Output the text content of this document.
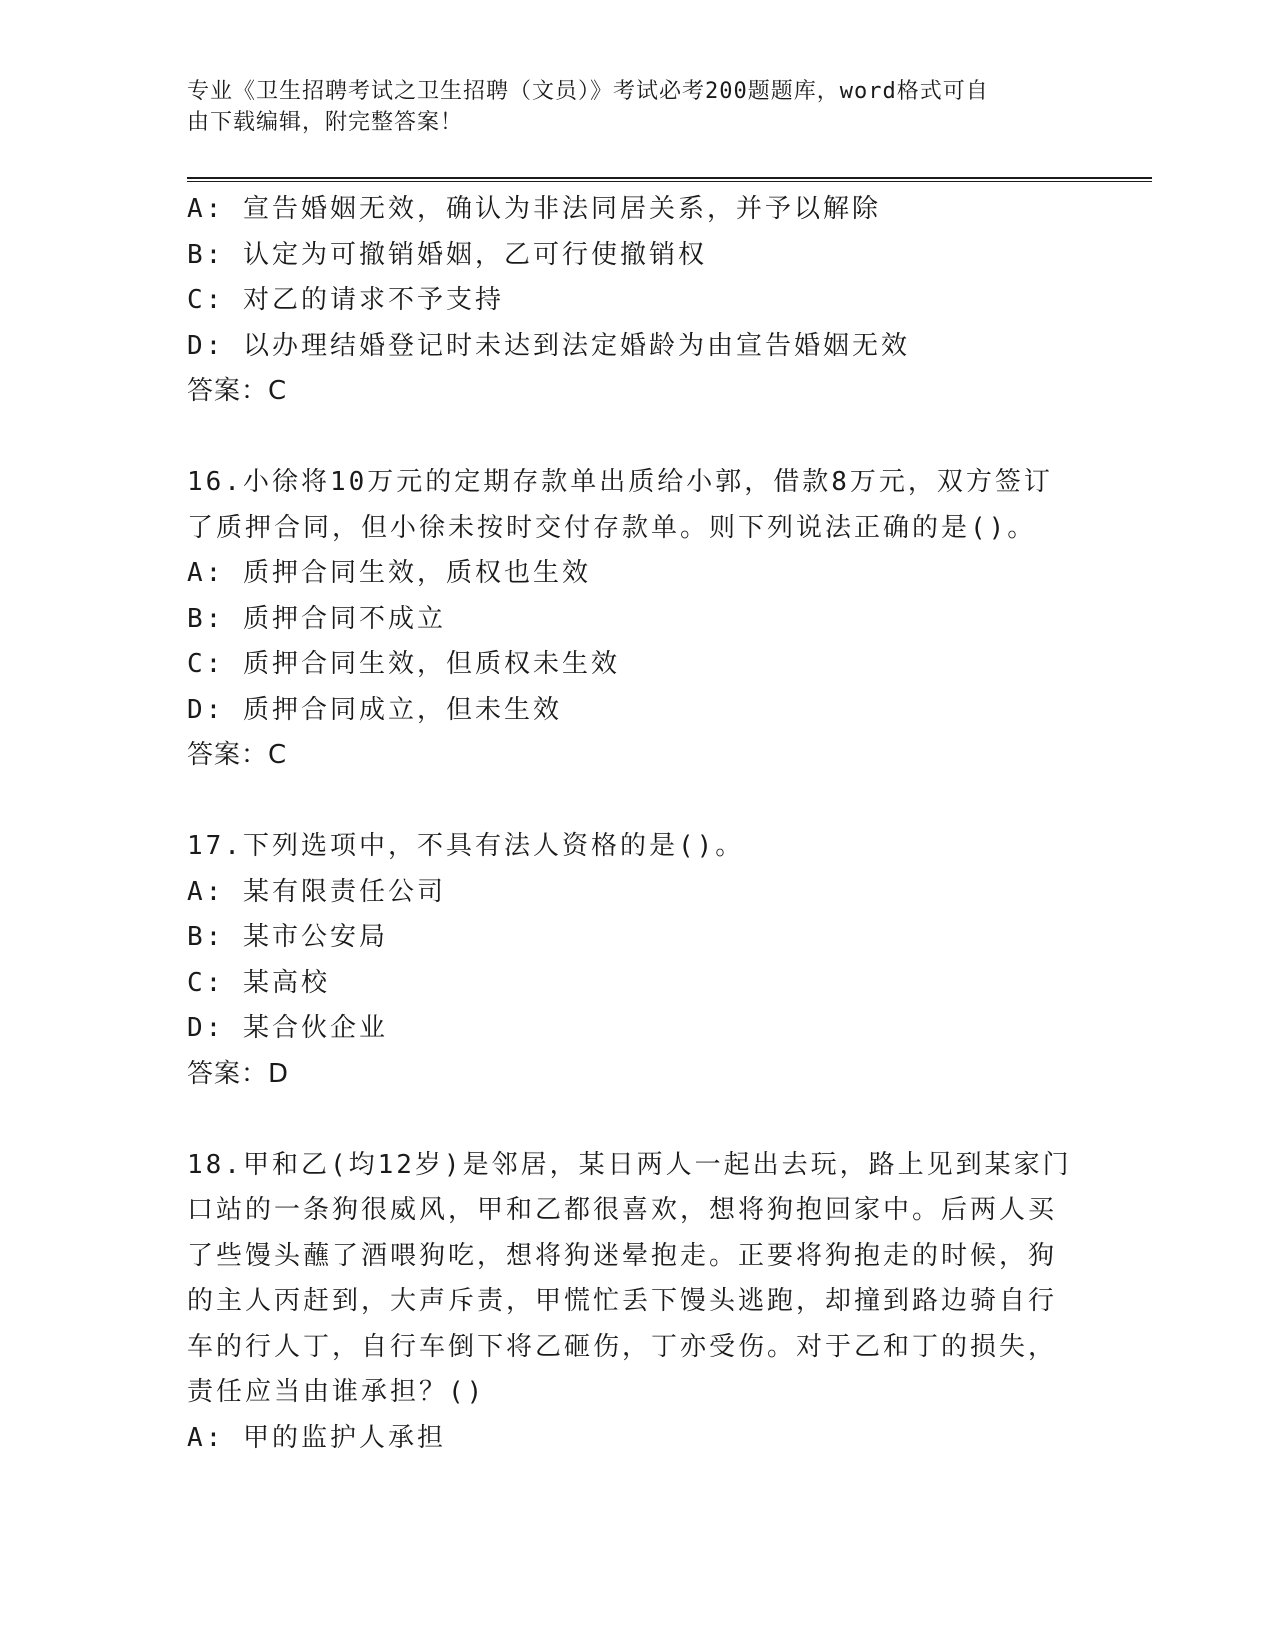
专业《卫生招聘考试之卫生招聘（文员）》考试必考200题题库，word格式可自
由下载编辑，附完整答案！
A: 宣告婚姻无效，确认为非法同居关系，并予以解除
B: 认定为可撤销婚姻，乙可行使撤销权
C: 对乙的请求不予支持
D: 以办理结婚登记时未达到法定婚龄为由宣告婚姻无效
答案：C
16.小徐将10万元的定期存款单出质给小郭，借款8万元，双方签订
了质押合同，但小徐未按时交付存款单。则下列说法正确的是()。
A: 质押合同生效，质权也生效
B: 质押合同不成立
C: 质押合同生效，但质权未生效
D: 质押合同成立，但未生效
答案：C
17.下列选项中，不具有法人资格的是()。
A: 某有限责任公司
B: 某市公安局
C: 某高校
D: 某合伙企业
答案：D
18.甲和乙(均12岁)是邻居，某日两人一起出去玩，路上见到某家门
口站的一条狗很威风，甲和乙都很喜欢，想将狗抱回家中。后两人买
了些馒头蘸了酒喂狗吃，想将狗迷晕抱走。正要将狗抱走的时候，狗
的主人丙赶到，大声斥责，甲慌忙丢下馒头逃跑，却撞到路边骑自行
车的行人丁，自行车倒下将乙砸伤，丁亦受伤。对于乙和丁的损失，
责任应当由谁承担？()
A: 甲的监护人承担
